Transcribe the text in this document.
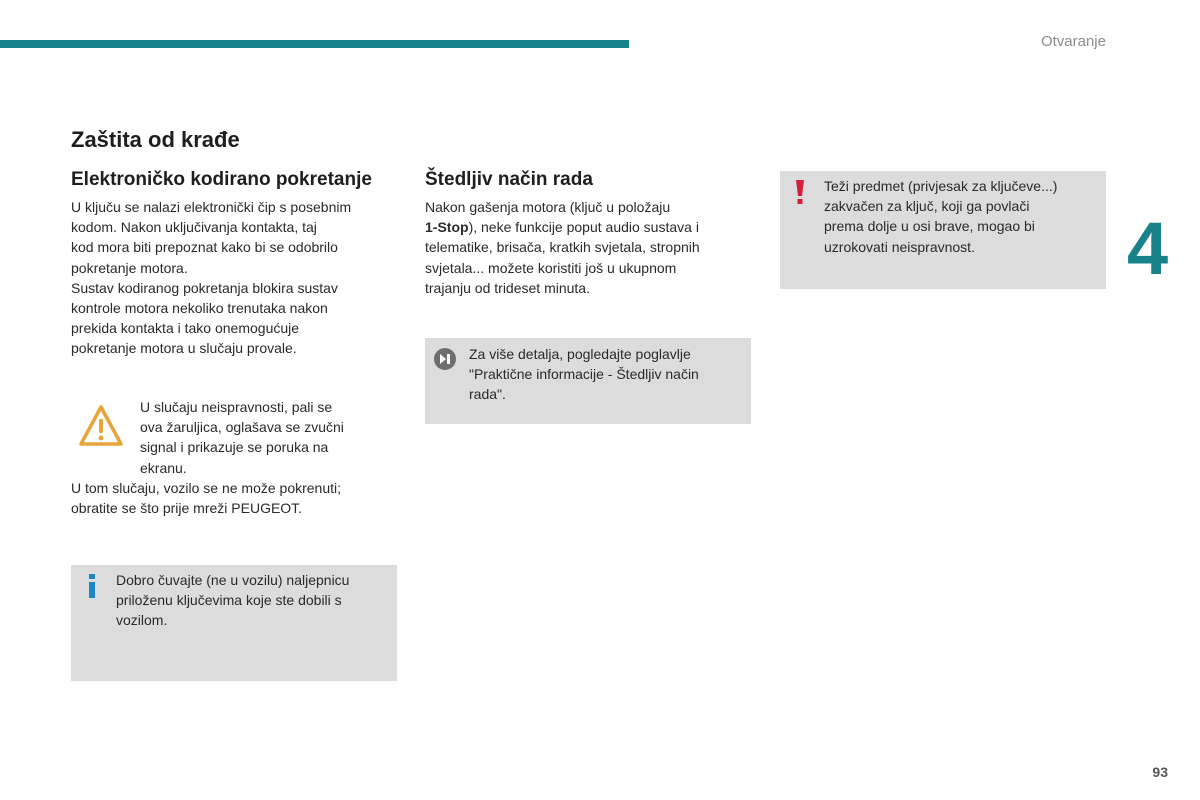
Otvaranje
4
93
Zaštita od krađe
Elektroničko kodirano pokretanje

U ključu se nalazi elektronički čip s posebnim
kodom. Nakon uključivanja kontakta, taj
kod mora biti prepoznat kako bi se odobrilo
pokretanje motora.
Sustav kodiranog pokretanja blokira sustav
kontrole motora nekoliko trenutaka nakon
prekida kontakta i tako onemogućuje
pokretanje motora u slučaju provale.

U slučaju neispravnosti, pali se
ova žaruljica, oglašava se zvučni
signal i prikazuje se poruka na
ekranu.

U tom slučaju, vozilo se ne može pokrenuti;
obratite se što prije mreži PEUGEOT.

Dobro čuvajte (ne u vozilu) naljepnicu
priloženu ključevima koje ste dobili s
vozilom.

Štedljiv način rada

Nakon gašenja motora (ključ u položaju
1-Stop), neke funkcije poput audio sustava i
telematike, brisača, kratkih svjetala, stropnih
svjetala... možete koristiti još u ukupnom
trajanju od trideset minuta.

Za više detalja, pogledajte poglavlje
"Praktične informacije - Štedljiv način
rada".

Teži predmet (privjesak za ključeve...)
zakvačen za ključ, koji ga povlači
prema dolje u osi brave, mogao bi
uzrokovati neispravnost.
